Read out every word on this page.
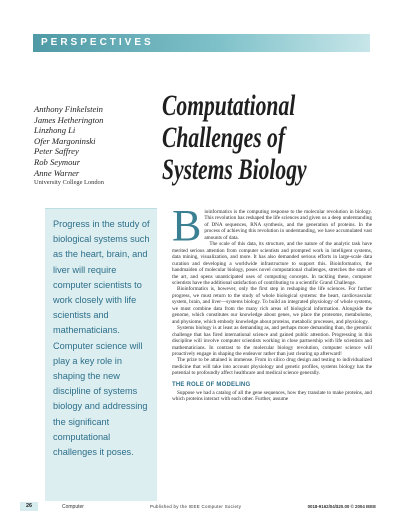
PERSPECTIVES
Anthony Finkelstein
James Hetherington
Linzhong Li
Ofer Margoninski
Peter Saffrey
Rob Seymour
Anne Warner
University College London
Computational
Challenges of
Systems Biology

Progress in the study of biological systems such as the heart, brain, and liver will require computer scientists to work closely with life scientists and mathematicians. Computer science will play a key role in shaping the new discipline of systems biology and addressing the significant computational challenges it poses.

Bioinformatics is the computing response to the molecular revolution in biology. This revolution has reshaped the life sciences and given us a deep understanding of DNA sequences, RNA synthesis, and the generation of proteins. In the process of achieving this revolution in understanding, we have accumulated vast amounts of data.

The scale of this data, its structure, and the nature of the analytic task have merited serious attention from computer scientists and prompted work in intelligent systems, data mining, visualization, and more. It has also demanded serious efforts in large-scale data curation and developing a worldwide infrastructure to support this. Bioinformatics, the handmaiden of molecular biology, poses novel computational challenges, stretches the state of the art, and opens unanticipated uses of computing concepts. In tackling these, computer scientists have the additional satisfaction of contributing to a scientific Grand Challenge.

Bioinformatics is, however, only the first step in reshaping the life sciences. For further progress, we must return to the study of whole biological systems: the heart, cardiovascular system, brain, and liver—systems biology. To build an integrated physiology of whole systems, we must combine data from the many rich areas of biological information. Alongside the genome, which constitutes our knowledge about genes, we place the proteome, metabolome, and physiome, which embody knowledge about proteins, metabolic processes, and physiology.

Systems biology is at least as demanding as, and perhaps more demanding than, the genomic challenge that has fired international science and gained public attention. Progressing in this discipline will involve computer scientists working in close partnership with life scientists and mathematicians. In contrast to the molecular biology revolution, computer science will proactively engage in shaping the endeavor rather than just clearing up afterward!

The prize to be attained is immense. From in silico drug design and testing to individualized medicine that will take into account physiology and genetic profiles, systems biology has the potential to profoundly affect healthcare and medical science generally.

THE ROLE OF MODELING

Suppose we had a catalog of all the gene sequences, how they translate to make proteins, and which proteins interact with each other. Further, assume

26	Computer	Published by the IEEE Computer Society	0018-9162/04/$20.00 © 2004 IEEE
